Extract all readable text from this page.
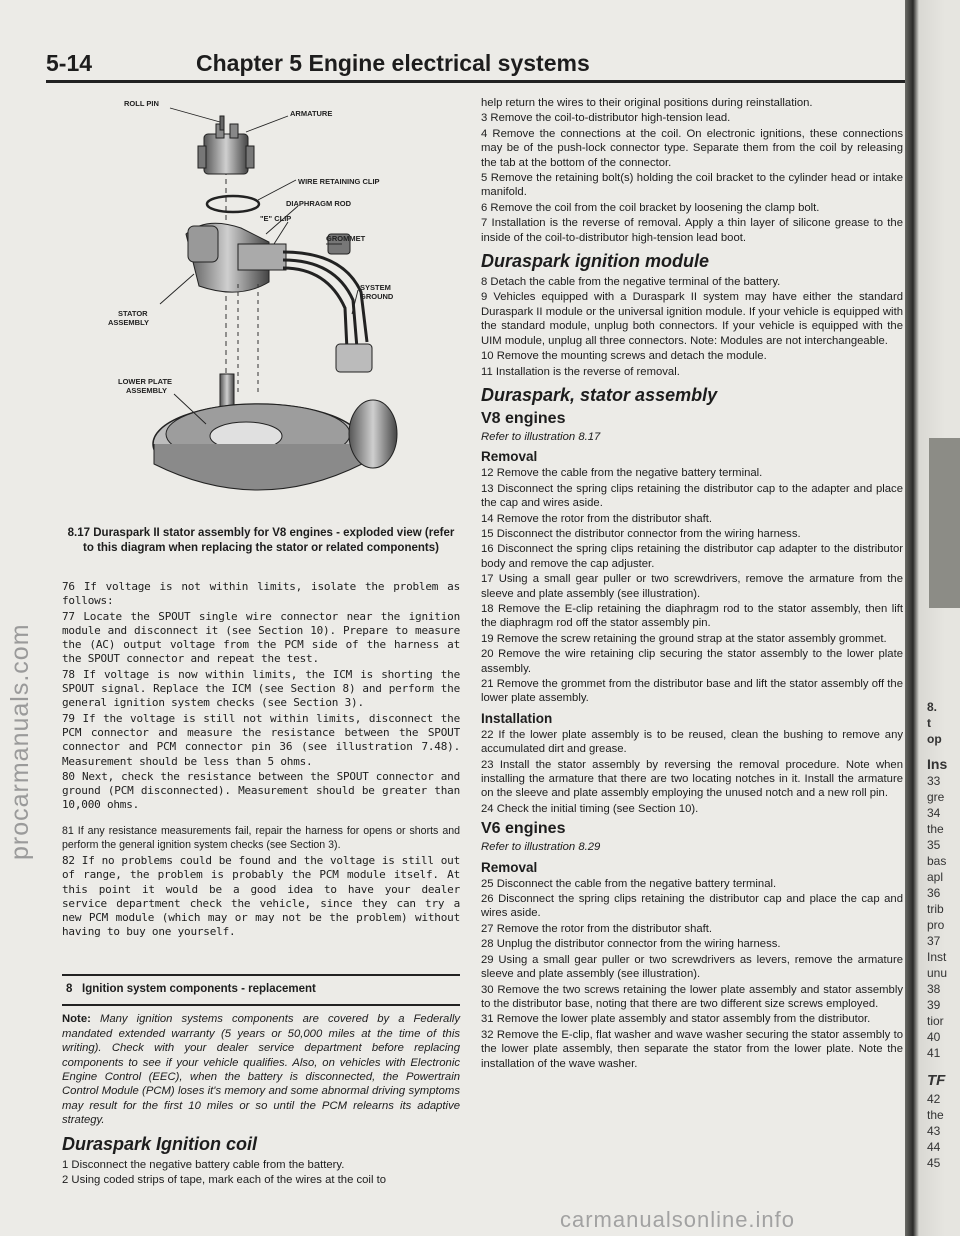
5-14	Chapter 5 Engine electrical systems
ROLL PIN
ARMATURE
WIRE RETAINING CLIP
DIAPHRAGM ROD
"E" CLIP
GROMMET
SYSTEM
GROUND
STATOR
ASSEMBLY
LOWER PLATE
ASSEMBLY
8.17 Duraspark II stator assembly for V8 engines - exploded view (refer to this diagram when replacing the stator or related components)

76 If voltage is not within limits, isolate the problem as follows:

77 Locate the SPOUT single wire connector near the ignition module and disconnect it (see Section 10). Prepare to measure the (AC) output voltage from the PCM side of the harness at the SPOUT connector and repeat the test.

78 If voltage is now within limits, the ICM is shorting the SPOUT signal. Replace the ICM (see Section 8) and perform the general ignition system checks (see Section 3).

79 If the voltage is still not within limits, disconnect the PCM connector and measure the resistance between the SPOUT connector and PCM connector pin 36 (see illustration 7.48). Measurement should be less than 5 ohms.

80 Next, check the resistance between the SPOUT connector and ground (PCM disconnected). Measurement should be greater than 10,000 ohms.

81 If any resistance measurements fail, repair the harness for opens or shorts and perform the general ignition system checks (see Section 3).

82 If no problems could be found and the voltage is still out of range, the problem is probably the PCM module itself. At this point it would be a good idea to have your dealer service department check the vehicle, since they can try a new PCM module (which may or may not be the problem) without having to buy one yourself.

8 Ignition system components - replacement

Note: Many ignition systems components are covered by a Federally mandated extended warranty (5 years or 50,000 miles at the time of this writing). Check with your dealer service department before replacing components to see if your vehicle qualifies. Also, on vehicles with Electronic Engine Control (EEC), when the battery is disconnected, the Powertrain Control Module (PCM) loses it's memory and some abnormal driving symptoms may result for the first 10 miles or so until the PCM relearns its adaptive strategy.

Duraspark Ignition coil

1 Disconnect the negative battery cable from the battery.

2 Using coded strips of tape, mark each of the wires at the coil to

help return the wires to their original positions during reinstallation.

3 Remove the coil-to-distributor high-tension lead.

4 Remove the connections at the coil. On electronic ignitions, these connections may be of the push-lock connector type. Separate them from the coil by releasing the tab at the bottom of the connector.

5 Remove the retaining bolt(s) holding the coil bracket to the cylinder head or intake manifold.

6 Remove the coil from the coil bracket by loosening the clamp bolt.

7 Installation is the reverse of removal. Apply a thin layer of silicone grease to the inside of the coil-to-distributor high-tension lead boot.

Duraspark ignition module

8 Detach the cable from the negative terminal of the battery.

9 Vehicles equipped with a Duraspark II system may have either the standard Duraspark II module or the universal ignition module. If your vehicle is equipped with the standard module, unplug both connectors. If your vehicle is equipped with the UIM module, unplug all three connectors. Note: Modules are not interchangeable.

10 Remove the mounting screws and detach the module.

11 Installation is the reverse of removal.

Duraspark, stator assembly
V8 engines

Refer to illustration 8.17

Removal

12 Remove the cable from the negative battery terminal.

13 Disconnect the spring clips retaining the distributor cap to the adapter and place the cap and wires aside.

14 Remove the rotor from the distributor shaft.

15 Disconnect the distributor connector from the wiring harness.

16 Disconnect the spring clips retaining the distributor cap adapter to the distributor body and remove the cap adjuster.

17 Using a small gear puller or two screwdrivers, remove the armature from the sleeve and plate assembly (see illustration).

18 Remove the E-clip retaining the diaphragm rod to the stator assembly, then lift the diaphragm rod off the stator assembly pin.

19 Remove the screw retaining the ground strap at the stator assembly grommet.

20 Remove the wire retaining clip securing the stator assembly to the lower plate assembly.

21 Remove the grommet from the distributor base and lift the stator assembly off the lower plate assembly.

Installation

22 If the lower plate assembly is to be reused, clean the bushing to remove any accumulated dirt and grease.

23 Install the stator assembly by reversing the removal procedure. Note when installing the armature that there are two locating notches in it. Install the armature on the sleeve and plate assembly employing the unused notch and a new roll pin.

24 Check the initial timing (see Section 10).

V6 engines

Refer to illustration 8.29

Removal

25 Disconnect the cable from the negative battery terminal.

26 Disconnect the spring clips retaining the distributor cap and place the cap and wires aside.

27 Remove the rotor from the distributor shaft.

28 Unplug the distributor connector from the wiring harness.

29 Using a small gear puller or two screwdrivers as levers, remove the armature sleeve and plate assembly (see illustration).

30 Remove the two screws retaining the lower plate assembly and stator assembly to the distributor base, noting that there are two different size screws employed.

31 Remove the lower plate assembly and stator assembly from the distributor.

32 Remove the E-clip, flat washer and wave washer securing the stator assembly to the lower plate assembly, then separate the stator from the lower plate. Note the installation of the wave washer.

procarmanuals.com
carmanualsonline.info
8.
t
op
Ins
33
gre
34
the
35
bas
apl
36
trib
pro
37
Inst
unu
38
39
tior
40
41
TF
42
the
43
44
45
